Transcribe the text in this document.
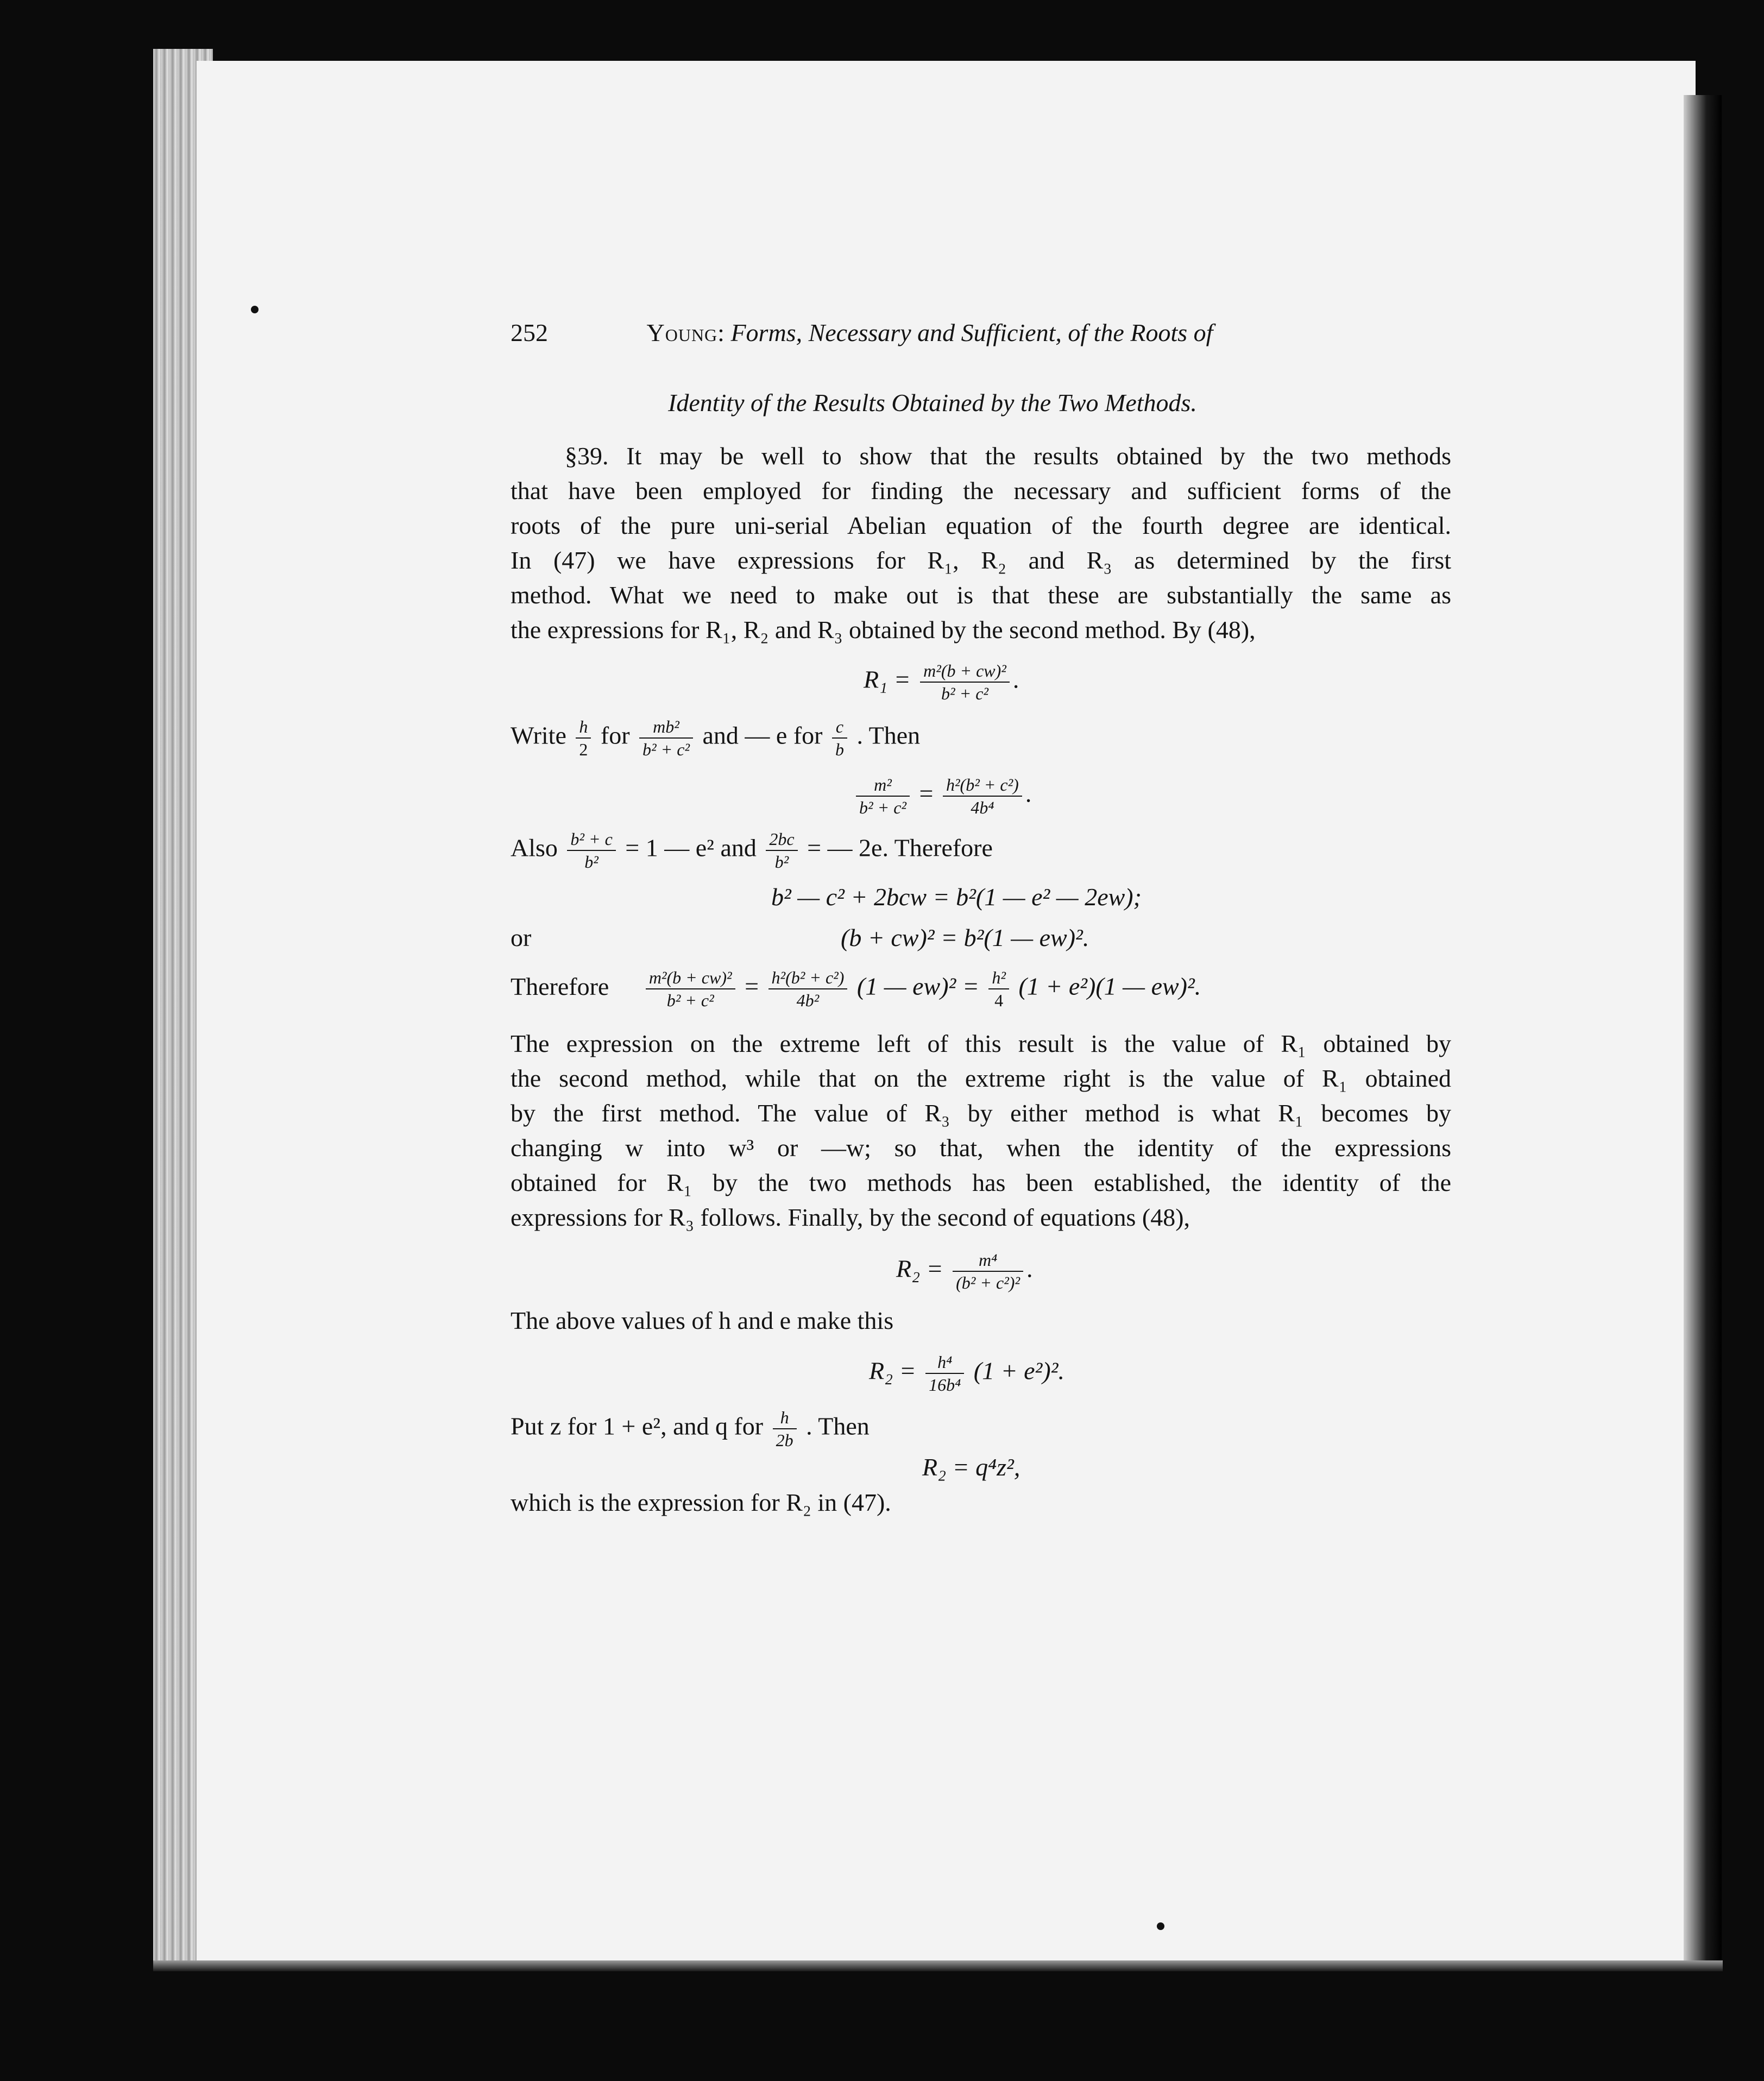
252	Young: Forms, Necessary and Sufficient, of the Roots of
Identity of the Results Obtained by the Two Methods.
§39. It may be well to show that the results obtained by the two methods
that have been employed for finding the necessary and sufficient forms of the
roots of the pure uni-serial Abelian equation of the fourth degree are identical.
In (47) we have expressions for R₁, R₂ and R₃ as determined by the first
method. What we need to make out is that these are substantially the same as
the expressions for R₁, R₂ and R₃ obtained by the second method. By (48),
$R_1 = \frac{\text{m²(b + cw)²}}{\text{b² + c²}}$ .
Write $\frac{h}{2}$ for $\frac{\text{mb²}}{\text{b² + c²}}$ and — e for $\frac{c}{b}$ . Then
$\frac{\text{m²}}{\text{b² + c²}} = \frac{\text{h²(b² + c²)}}{\text{4b⁴}}$ .
Also $\frac{\text{b² + c}}{\text{b²}} = 1$ — e² and $\frac{2bc}{\text{b²}}$ = — 2e. Therefore
b² — c² + 2bcw = b²(1 — e² — 2ew);
or	(b + cw)² = b²(1 — ew)².
Therefore $\frac{\text{m²(b + cw)²}}{\text{b² + c²}} = \frac{\text{h²(b² + c²)}}{\text{4b²}} (1$ — $ew)^2 = \frac{\text{h²}}{4} (1 + e^2)(1$ — ew)².
The expression on the extreme left of this result is the value of R₁ obtained by
the second method, while that on the extreme right is the value of R₁ obtained
by the first method. The value of R₃ by either method is what R₁ becomes by
changing w into w³ or —w; so that, when the identity of the expressions
obtained for R₁ by the two methods has been established, the identity of the
expressions for R₃ follows. Finally, by the second of equations (48),
$R_2 = \frac{\text{m⁴}}{\text{(b² + c²)²}}$ .
The above values of h and e make this
$R_2 = \frac{\text{h⁴}}{\text{16b⁴}} (1 + e^2)^2$.
Put z for 1 + e², and q for $\frac{h}{2b}$ . Then
R₂ = q⁴z²,
which is the expression for R₂ in (47).
